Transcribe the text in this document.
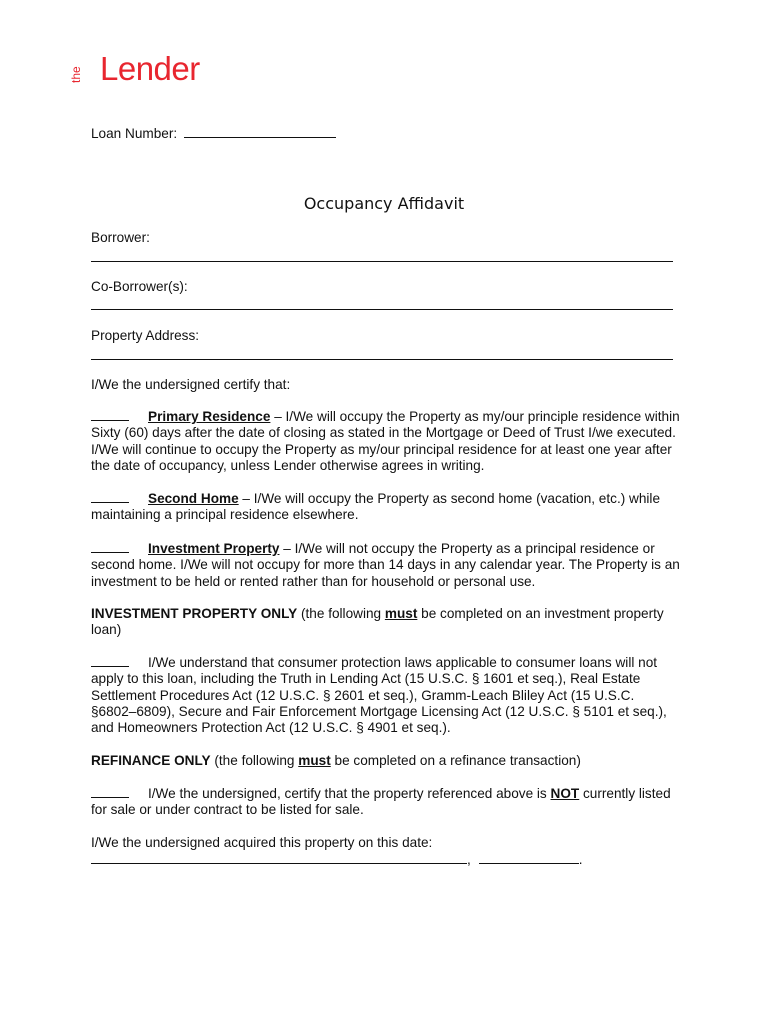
the Lender
Loan Number:
Occupancy Affidavit
Borrower:
Co-Borrower(s):
Property Address:
I/We the undersigned certify that:

Primary Residence – I/We will occupy the Property as my/our principle residence within Sixty (60) days after the date of closing as stated in the Mortgage or Deed of Trust I/we executed. I/We will continue to occupy the Property as my/our principal residence for at least one year after the date of occupancy, unless Lender otherwise agrees in writing.

Second Home – I/We will occupy the Property as second home (vacation, etc.) while maintaining a principal residence elsewhere.

Investment Property – I/We will not occupy the Property as a principal residence or second home. I/We will not occupy for more than 14 days in any calendar year. The Property is an investment to be held or rented rather than for household or personal use.

INVESTMENT PROPERTY ONLY (the following must be completed on an investment property loan)

I/We understand that consumer protection laws applicable to consumer loans will not apply to this loan, including the Truth in Lending Act (15 U.S.C. § 1601 et seq.), Real Estate Settlement Procedures Act (12 U.S.C. § 2601 et seq.), Gramm-Leach Bliley Act (15 U.S.C. §6802–6809), Secure and Fair Enforcement Mortgage Licensing Act (12 U.S.C. § 5101 et seq.), and Homeowners Protection Act (12 U.S.C. § 4901 et seq.).

REFINANCE ONLY (the following must be completed on a refinance transaction)

I/We the undersigned, certify that the property referenced above is NOT currently listed for sale or under contract to be listed for sale.

I/We the undersigned acquired this property on this date:
,	.
